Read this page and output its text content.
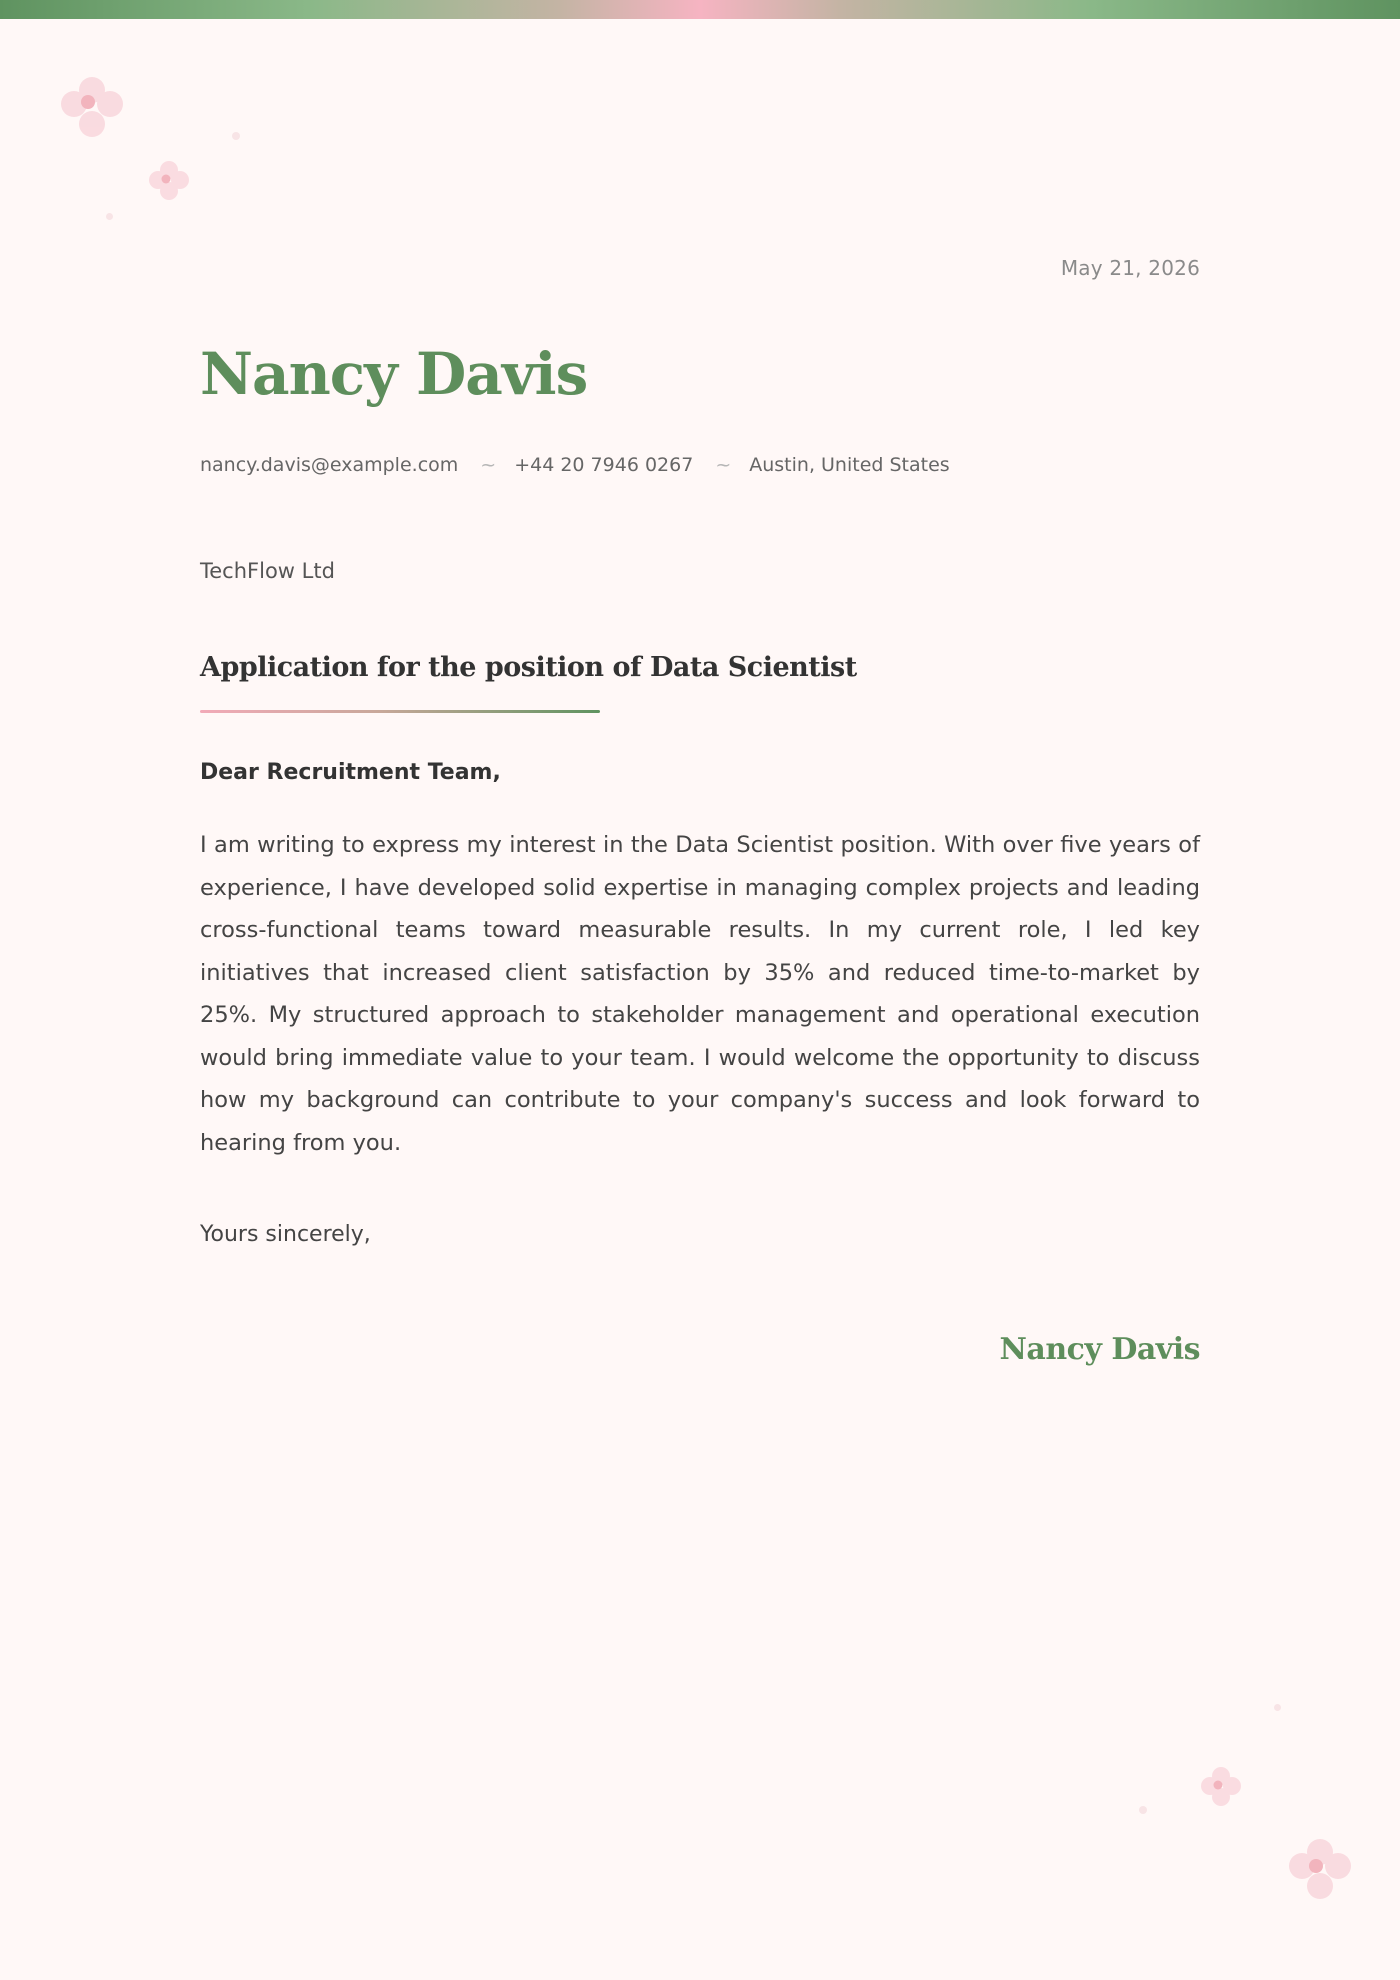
May 21, 2026
Nancy Davis
nancy.davis@example.com ~ +44 20 7946 0267 ~ Austin, United States
TechFlow Ltd
Application for the position of Data Scientist
Dear Recruitment Team,

I am writing to express my interest in the Data Scientist position. With over five years of experience, I have developed solid expertise in managing complex projects and leading cross-functional teams toward measurable results. In my current role, I led key initiatives that increased client satisfaction by 35% and reduced time-to-market by 25%. My structured approach to stakeholder management and operational execution would bring immediate value to your team. I would welcome the opportunity to discuss how my background can contribute to your company's success and look forward to hearing from you.

Yours sincerely,
Nancy Davis
